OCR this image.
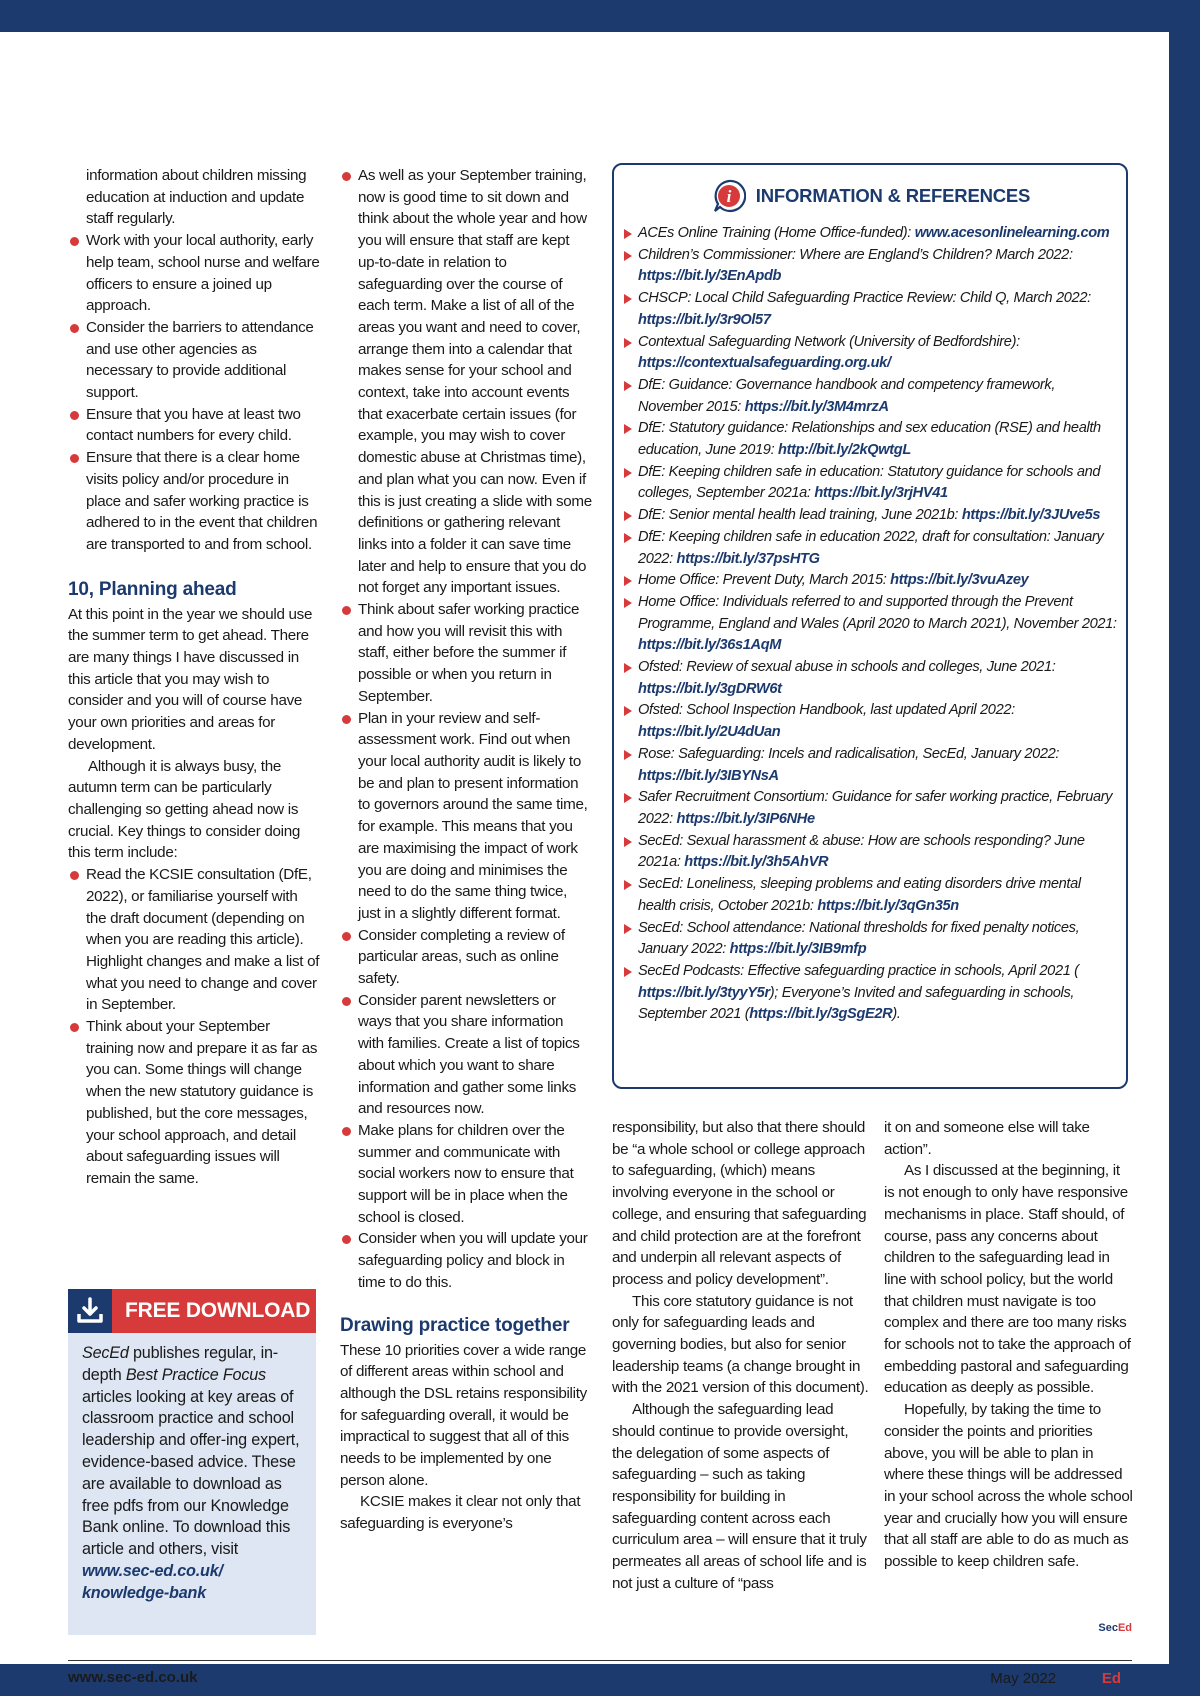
information about children missing education at induction and update staff regularly.
Work with your local authority, early help team, school nurse and welfare officers to ensure a joined up approach.
Consider the barriers to attendance and use other agencies as necessary to provide additional support.
Ensure that you have at least two contact numbers for every child.
Ensure that there is a clear home visits policy and/or procedure in place and safer working practice is adhered to in the event that children are transported to and from school.
10, Planning ahead

At this point in the year we should use the summer term to get ahead. There are many things I have discussed in this article that you may wish to consider and you will of course have your own priorities and areas for development.

Although it is always busy, the autumn term can be particularly challenging so getting ahead now is crucial. Key things to consider doing this term include:

Read the KCSIE consultation (DfE, 2022), or familiarise yourself with the draft document (depending on when you are reading this article). Highlight changes and make a list of what you need to change and cover in September.
Think about your September training now and prepare it as far as you can. Some things will change when the new statutory guidance is published, but the core messages, your school approach, and detail about safeguarding issues will remain the same.
FREE DOWNLOAD
SecEd publishes regular, in-depth Best Practice Focus articles looking at key areas of classroom practice and school leadership and offer-ing expert, evidence-based advice. These are available to download as free pdfs from our Knowledge Bank online. To download this article and others, visit www.sec-ed.co.uk/ knowledge-bank
As well as your September training, now is good time to sit down and think about the whole year and how you will ensure that staff are kept up-to-date in relation to safeguarding over the course of each term. Make a list of all of the areas you want and need to cover, arrange them into a calendar that makes sense for your school and context, take into account events that exacerbate certain issues (for example, you may wish to cover domestic abuse at Christmas time), and plan what you can now. Even if this is just creating a slide with some definitions or gathering relevant links into a folder it can save time later and help to ensure that you do not forget any important issues.
Think about safer working practice and how you will revisit this with staff, either before the summer if possible or when you return in September.
Plan in your review and self-assessment work. Find out when your local authority audit is likely to be and plan to present information to governors around the same time, for example. This means that you are maximising the impact of work you are doing and minimises the need to do the same thing twice, just in a slightly different format.
Consider completing a review of particular areas, such as online safety.
Consider parent newsletters or ways that you share information with families. Create a list of topics about which you want to share information and gather some links and resources now.
Make plans for children over the summer and communicate with social workers now to ensure that support will be in place when the school is closed.
Consider when you will update your safeguarding policy and block in time to do this.
Drawing practice together

These 10 priorities cover a wide range of different areas within school and although the DSL retains responsibility for safeguarding overall, it would be impractical to suggest that all of this needs to be implemented by one person alone.

KCSIE makes it clear not only that safeguarding is everyone’s

i INFORMATION & REFERENCES
ACEs Online Training (Home Office-funded): www.acesonlinelearning.com
Children’s Commissioner: Where are England’s Children? March 2022: https://bit.ly/3EnApdb
CHSCP: Local Child Safeguarding Practice Review: Child Q, March 2022: https://bit.ly/3r9Ol57
Contextual Safeguarding Network (University of Bedfordshire): https://contextualsafeguarding.org.uk/
DfE: Guidance: Governance handbook and competency framework, November 2015: https://bit.ly/3M4mrzA
DfE: Statutory guidance: Relationships and sex education (RSE) and health education, June 2019: http://bit.ly/2kQwtgL
DfE: Keeping children safe in education: Statutory guidance for schools and colleges, September 2021a: https://bit.ly/3rjHV41
DfE: Senior mental health lead training, June 2021b: https://bit.ly/3JUve5s
DfE: Keeping children safe in education 2022, draft for consultation: January 2022: https://bit.ly/37psHTG
Home Office: Prevent Duty, March 2015: https://bit.ly/3vuAzey
Home Office: Individuals referred to and supported through the Prevent Programme, England and Wales (April 2020 to March 2021), November 2021: https://bit.ly/36s1AqM
Ofsted: Review of sexual abuse in schools and colleges, June 2021: https://bit.ly/3gDRW6t
Ofsted: School Inspection Handbook, last updated April 2022: https://bit.ly/2U4dUan
Rose: Safeguarding: Incels and radicalisation, SecEd, January 2022: https://bit.ly/3IBYNsA
Safer Recruitment Consortium: Guidance for safer working practice, February 2022: https://bit.ly/3IP6NHe
SecEd: Sexual harassment & abuse: How are schools responding? June 2021a: https://bit.ly/3h5AhVR
SecEd: Loneliness, sleeping problems and eating disorders drive mental health crisis, October 2021b: https://bit.ly/3qGn35n
SecEd: School attendance: National thresholds for fixed penalty notices, January 2022: https://bit.ly/3IB9mfp
SecEd Podcasts: Effective safeguarding practice in schools, April 2021 ( https://bit.ly/3tyyY5r); Everyone’s Invited and safeguarding in schools, September 2021 (https://bit.ly/3gSgE2R).

responsibility, but also that there should be “a whole school or college approach to safeguarding, (which) means involving everyone in the school or college, and ensuring that safeguarding and child protection are at the forefront and underpin all relevant aspects of process and policy development”.

This core statutory guidance is not only for safeguarding leads and governing bodies, but also for senior leadership teams (a change brought in with the 2021 version of this document).

Although the safeguarding lead should continue to provide oversight, the delegation of some aspects of safeguarding – such as taking responsibility for building in safeguarding content across each curriculum area – will ensure that it truly permeates all areas of school life and is not just a culture of “pass

it on and someone else will take action”.

As I discussed at the beginning, it is not enough to only have responsive mechanisms in place. Staff should, of course, pass any concerns about children to the safeguarding lead in line with school policy, but the world that children must navigate is too complex and there are too many risks for schools not to take the approach of embedding pastoral and safeguarding education as deeply as possible.

Hopefully, by taking the time to consider the points and priorities above, you will be able to plan in where these things will be addressed in your school across the whole school year and crucially how you will ensure that all staff are able to do as much as possible to keep children safe.

SecEd
www.sec-ed.co.uk	May 2022 SecEd
